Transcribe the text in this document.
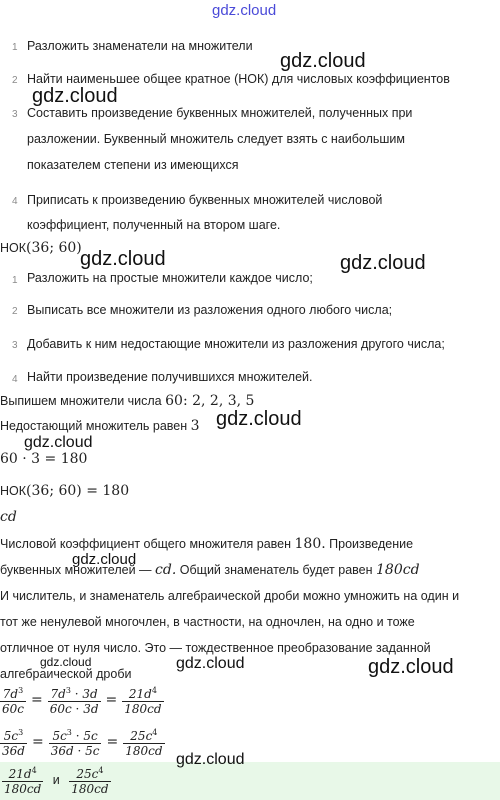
gdz.cloud
1 Разложить знаменатели на множители
2 Найти наименьшее общее кратное (НОК) для числовых коэффициентов
3 Составить произведение буквенных множителей, полученных при
разложении. Буквенный множитель следует взять с наибольшим
показателем степени из имеющихся
4 Приписать к произведению буквенных множителей числовой
коэффициент, полученный на втором шаге.
НОК(36; 60)
1 Разложить на простые множители каждое число;
2 Выписать все множители из разложения одного любого числа;
3 Добавить к ним недостающие множители из разложения другого числа;
4 Найти произведение получившихся множителей.
Выпишем множители числа 60: 2, 2, 3, 5
Недостающий множитель равен 3
60 · 3 = 180
НОК(36; 60) = 180
cd
Числовой коэффициент общего множителя равен 180. Произведение
буквенных множителей — cd. Общий знаменатель будет равен 180cd
И числитель, и знаменатель алгебраической дроби можно умножить на один и
тот же ненулевой многочлен, в частности, на одночлен, на одно и тоже
отличное от нуля число. Это — тождественное преобразование заданной
алгебраической дроби
$\frac{7d^3}{60c} = \frac{7d^3 \cdot 3d}{60c \cdot 3d} = \frac{21d^4}{180cd}$
$\frac{5c^3}{36d} = \frac{5c^3 \cdot 5c}{36d \cdot 5c} = \frac{25c^4}{180cd}$
$\frac{21d^4}{180cd}$ и $\frac{25c^4}{180cd}$
gdz.cloud
gdz.cloud
gdz.cloud	gdz.cloud
gdz.cloud
gdz.cloud
gdz.cloud
gdz.cloud	gdz.cloud	gdz.cloud
gdz.cloud
